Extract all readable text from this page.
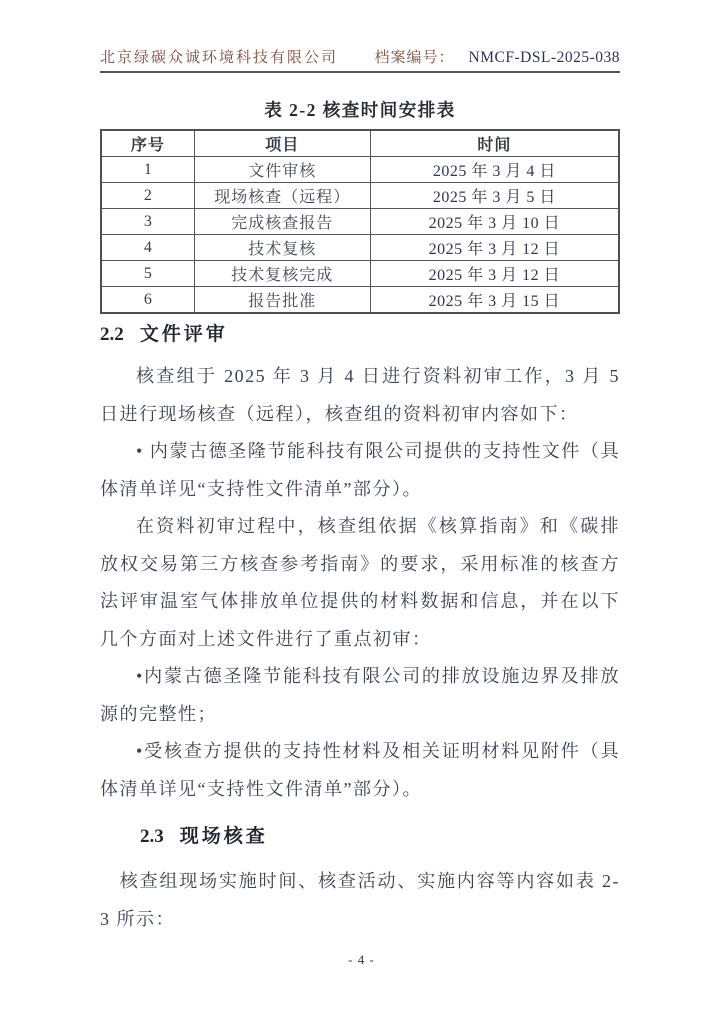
北京绿碳众诚环境科技有限公司 档案编号： NMCF-DSL-2025-038
表 2-2 核查时间安排表
序号	项目	时间
1	文件审核	2025 年 3 月 4 日
2	现场核查（远程）	2025 年 3 月 5 日
3	完成核查报告	2025 年 3 月 10 日
4	技术复核	2025 年 3 月 12 日
5	技术复核完成	2025 年 3 月 12 日
6	报告批准	2025 年 3 月 15 日

2.2 文件评审

核查组于 2025 年 3 月 4 日进行资料初审工作，3 月 5 日进行现场核查（远程），核查组的资料初审内容如下：

• 内蒙古德圣隆节能科技有限公司提供的支持性文件（具体清单详见“支持性文件清单”部分）。

在资料初审过程中，核查组依据《核算指南》和《碳排放权交易第三方核查参考指南》的要求，采用标准的核查方法评审温室气体排放单位提供的材料数据和信息，并在以下几个方面对上述文件进行了重点初审：

•内蒙古德圣隆节能科技有限公司的排放设施边界及排放源的完整性；

•受核查方提供的支持性材料及相关证明材料见附件（具体清单详见“支持性文件清单”部分）。

2.3 现场核查

核查组现场实施时间、核查活动、实施内容等内容如表 2-3 所示：

- 4 -
